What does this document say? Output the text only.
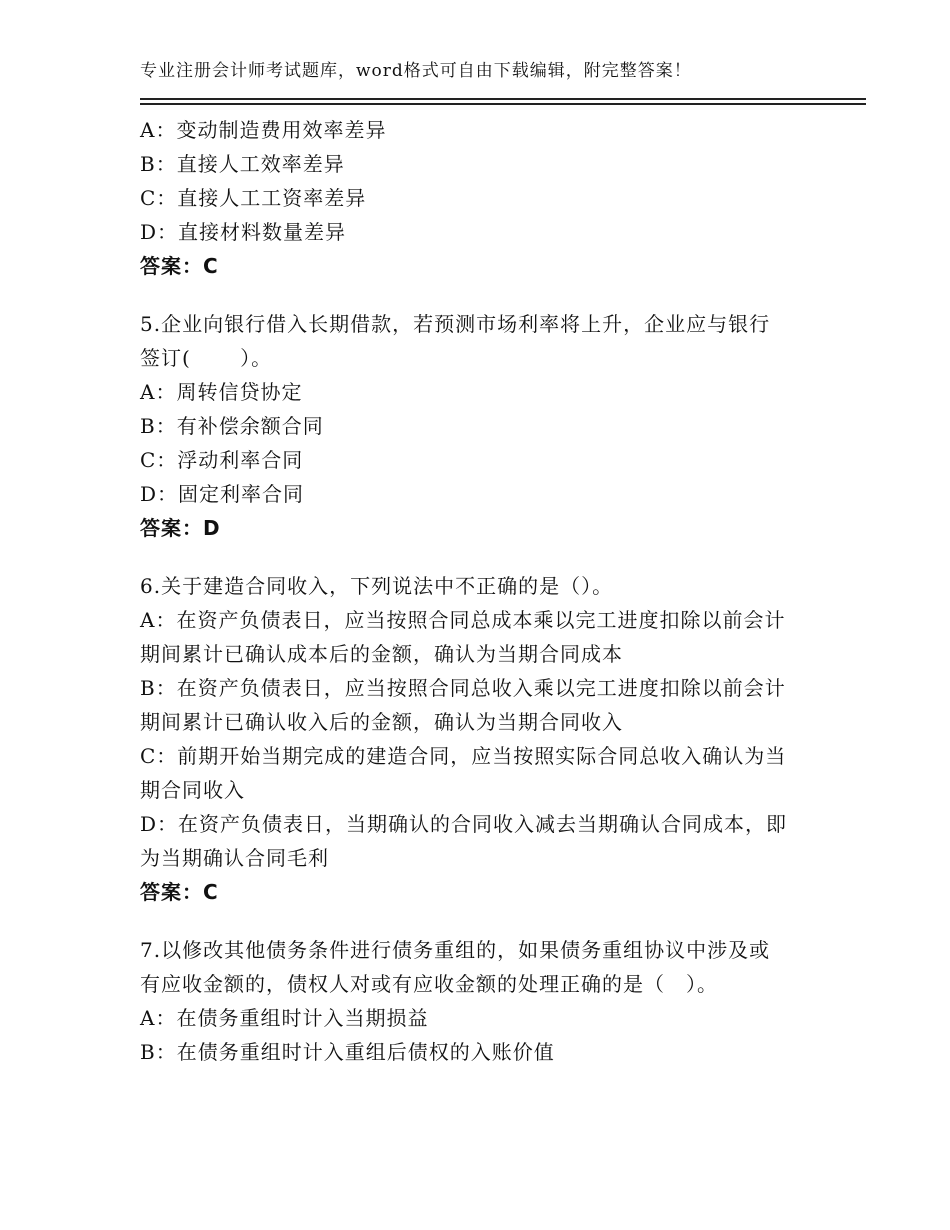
专业注册会计师考试题库，word格式可自由下载编辑，附完整答案！
A：变动制造费用效率差异
B：直接人工效率差异
C：直接人工工资率差异
D：直接材料数量差异
答案：C
5.企业向银行借入长期借款，若预测市场利率将上升，企业应与银行
签订(　　 ）。
A：周转信贷协定
B：有补偿余额合同
C：浮动利率合同
D：固定利率合同
答案：D
6.关于建造合同收入，下列说法中不正确的是（）。
A：在资产负债表日，应当按照合同总成本乘以完工进度扣除以前会计
期间累计已确认成本后的金额，确认为当期合同成本
B：在资产负债表日，应当按照合同总收入乘以完工进度扣除以前会计
期间累计已确认收入后的金额，确认为当期合同收入
C：前期开始当期完成的建造合同，应当按照实际合同总收入确认为当
期合同收入
D：在资产负债表日，当期确认的合同收入减去当期确认合同成本，即
为当期确认合同毛利
答案：C
7.以修改其他债务条件进行债务重组的，如果债务重组协议中涉及或
有应收金额的，债权人对或有应收金额的处理正确的是（　）。
A：在债务重组时计入当期损益
B：在债务重组时计入重组后债权的入账价值
